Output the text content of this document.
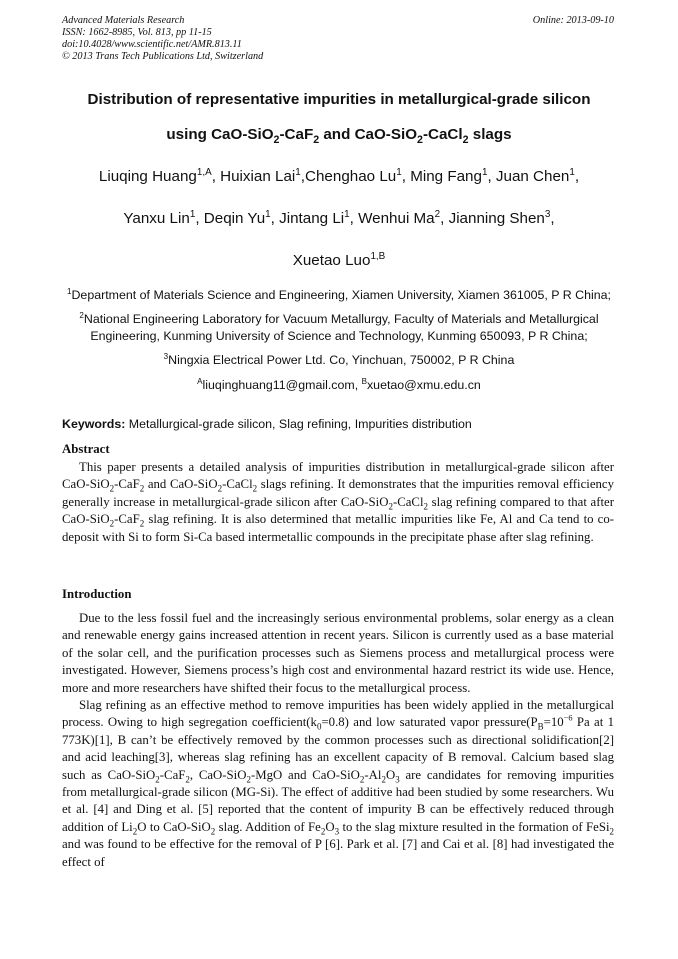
Advanced Materials Research
ISSN: 1662-8985, Vol. 813, pp 11-15
doi:10.4028/www.scientific.net/AMR.813.11
© 2013 Trans Tech Publications Ltd, Switzerland
Online: 2013-09-10
Distribution of representative impurities in metallurgical-grade silicon
using CaO-SiO$_2$-CaF$_2$ and CaO-SiO$_2$-CaCl$_2$ slags
Liuqing Huang$^{1,A}$, Huixian Lai$^1$,Chenghao Lu$^1$, Ming Fang$^1$, Juan Chen$^1$,
Yanxu Lin$^1$, Deqin Yu$^1$, Jintang Li$^1$, Wenhui Ma$^2$, Jianning Shen$^3$,
Xuetao Luo$^{1,B}$
$^1$Department of Materials Science and Engineering, Xiamen University, Xiamen 361005, P R China;
$^2$National Engineering Laboratory for Vacuum Metallurgy, Faculty of Materials and Metallurgical
Engineering, Kunming University of Science and Technology, Kunming 650093, P R China;
$^3$Ningxia Electrical Power Ltd. Co, Yinchuan, 750002, P R China
$^A$liuqinghuang11@gmail.com, $^B$xuetao@xmu.edu.cn
Keywords: Metallurgical-grade silicon, Slag refining, Impurities distribution
Abstract

This paper presents a detailed analysis of impurities distribution in metallurgical-grade silicon after CaO-SiO$_2$-CaF$_2$ and CaO-SiO$_2$-CaCl$_2$ slags refining. It demonstrates that the impurities removal efficiency generally increase in metallurgical-grade silicon after CaO-SiO$_2$-CaCl$_2$ slag refining compared to that after CaO-SiO$_2$-CaF$_2$ slag refining. It is also determined that metallic impurities like Fe, Al and Ca tend to co-deposit with Si to form Si-Ca based intermetallic compounds in the precipitate phase after slag refining.

Introduction

Due to the less fossil fuel and the increasingly serious environmental problems, solar energy as a clean and renewable energy gains increased attention in recent years. Silicon is currently used as a base material of the solar cell, and the purification processes such as Siemens process and metallurgical process were investigated. However, Siemens process’s high cost and environmental hazard restrict its wide use. Hence, more and more researchers have shifted their focus to the metallurgical process.

Slag refining as an effective method to remove impurities has been widely applied in the metallurgical process. Owing to high segregation $coefficient(k_0=0.8)$ and low saturated vapor $pressure(P_B=10^{-6}$ Pa at 1 773K)[1], B can’t be effectively removed by the common processes such as directional solidification[2] and acid leaching[3], whereas slag refining has an excellent capacity of B removal. Calcium based slag such as CaO-SiO$_2$-CaF$_2$, CaO-SiO$_2$-MgO and CaO-$SiO_2-Al_2O_3$ are candidates for removing impurities from metallurgical-grade silicon (MG-Si). The effect of additive had been studied by some researchers. Wu et al. [4] and Ding et al. [5] reported that the content of impurity B can be effectively reduced through addition of $Li_2O$ to CaO-SiO$_2$ slag. Addition of $Fe_2O_3$ to the slag mixture resulted in the formation of FeSi$_2$ and was found to be effective for the removal of P [6]. Park et al. [7] and Cai et al. [8] had investigated the effect of
